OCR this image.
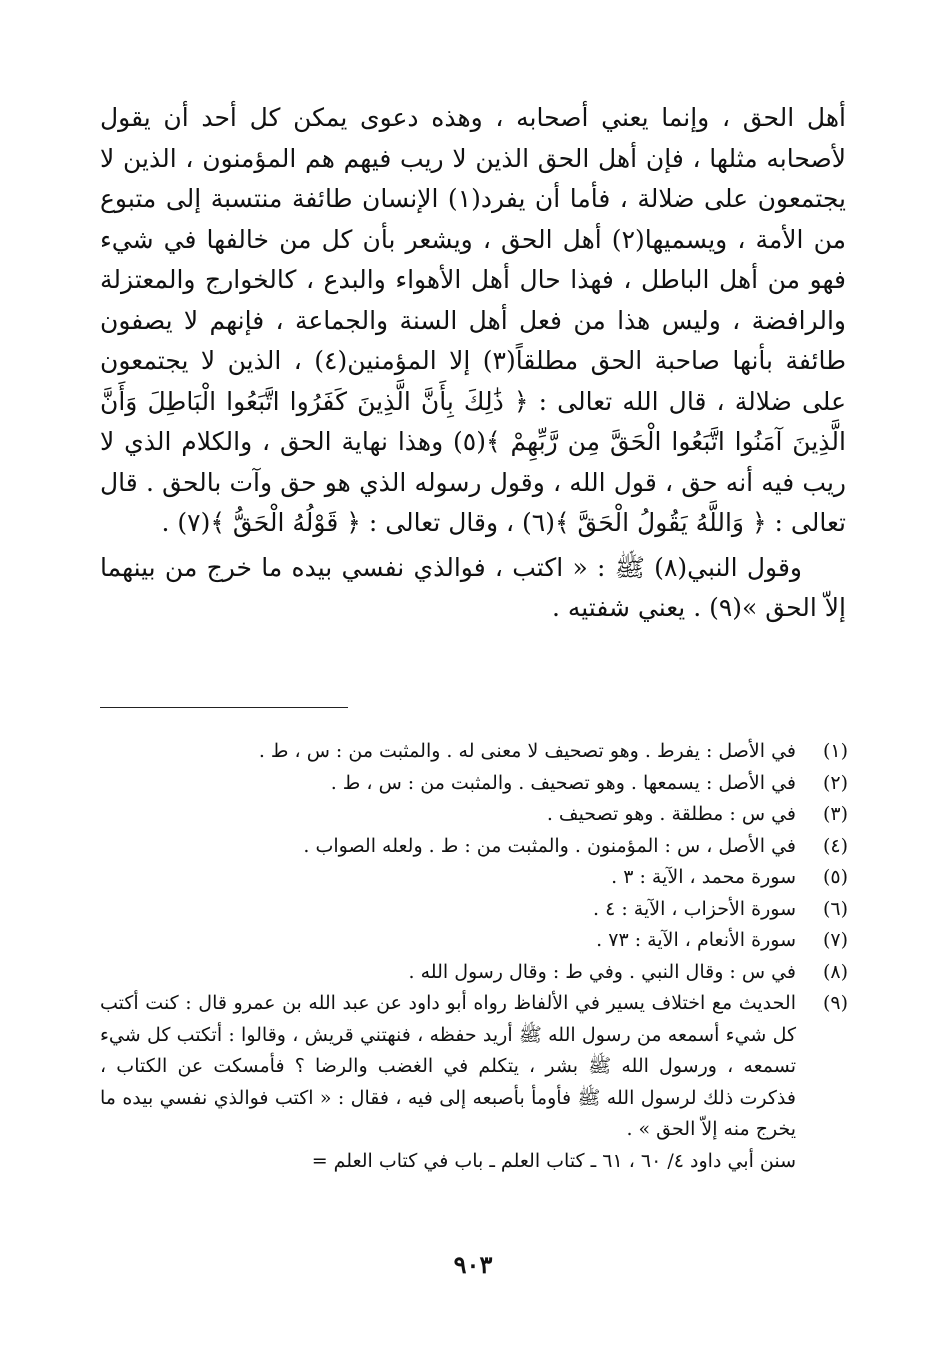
أهل الحق ، وإنما يعني أصحابه ، وهذه دعوى يمكن كل أحد أن يقول لأصحابه مثلها ، فإن أهل الحق الذين لا ريب فيهم هم المؤمنون ، الذين لا يجتمعون على ضلالة ، فأما أن يفرد(١) الإنسان طائفة منتسبة إلى متبوع من الأمة ، ويسميها(٢) أهل الحق ، ويشعر بأن كل من خالفها في شيء فهو من أهل الباطل ، فهذا حال أهل الأهواء والبدع ، كالخوارج والمعتزلة والرافضة ، وليس هذا من فعل أهل السنة والجماعة ، فإنهم لا يصفون طائفة بأنها صاحبة الحق مطلقاً(٣) إلا المؤمنين(٤) ، الذين لا يجتمعون على ضلالة ، قال الله تعالى : ﴿ ذَٰلِكَ بِأَنَّ الَّذِينَ كَفَرُوا اتَّبَعُوا الْبَاطِلَ وَأَنَّ الَّذِينَ آمَنُوا اتَّبَعُوا الْحَقَّ مِن رَّبِّهِمْ ﴾(٥) وهذا نهاية الحق ، والكلام الذي لا ريب فيه أنه حق ، قول الله ، وقول رسوله الذي هو حق وآت بالحق . قال تعالى : ﴿ وَاللَّهُ يَقُولُ الْحَقَّ ﴾(٦) ، وقال تعالى : ﴿ قَوْلُهُ الْحَقُّ ﴾(٧) .

وقول النبي(٨) ﷺ : « اكتب ، فوالذي نفسي بيده ما خرج من بينهما إلاّ الحق »(٩) . يعني شفتيه .

(١)
في الأصل : يفرط . وهو تصحيف لا معنى له . والمثبت من : س ، ط .
(٢)
في الأصل : يسمعها . وهو تصحيف . والمثبت من : س ، ط .
(٣)
في س : مطلقة . وهو تصحيف .
(٤)
في الأصل ، س : المؤمنون . والمثبت من : ط . ولعله الصواب .
(٥)
سورة محمد ، الآية : ٣ .
(٦)
سورة الأحزاب ، الآية : ٤ .
(٧)
سورة الأنعام ، الآية : ٧٣ .
(٨)
في س : وقال النبي . وفي ط : وقال رسول الله .
(٩)
الحديث مع اختلاف يسير في الألفاظ رواه أبو داود عن عبد الله بن عمرو قال : كنت أكتب كل شيء أسمعه من رسول الله ﷺ أريد حفظه ، فنهتني قريش ، وقالوا : أتكتب كل شيء تسمعه ، ورسول الله ﷺ بشر ، يتكلم في الغضب والرضا ؟ فأمسكت عن الكتاب ، فذكرت ذلك لرسول الله ﷺ فأومأ بأصبعه إلى فيه ، فقال : « اكتب فوالذي نفسي بيده ما يخرج منه إلاّ الحق » .
سنن أبي داود ٤/ ٦٠ ، ٦١ ـ كتاب العلم ـ باب في كتاب العلم =
٩٠٣
